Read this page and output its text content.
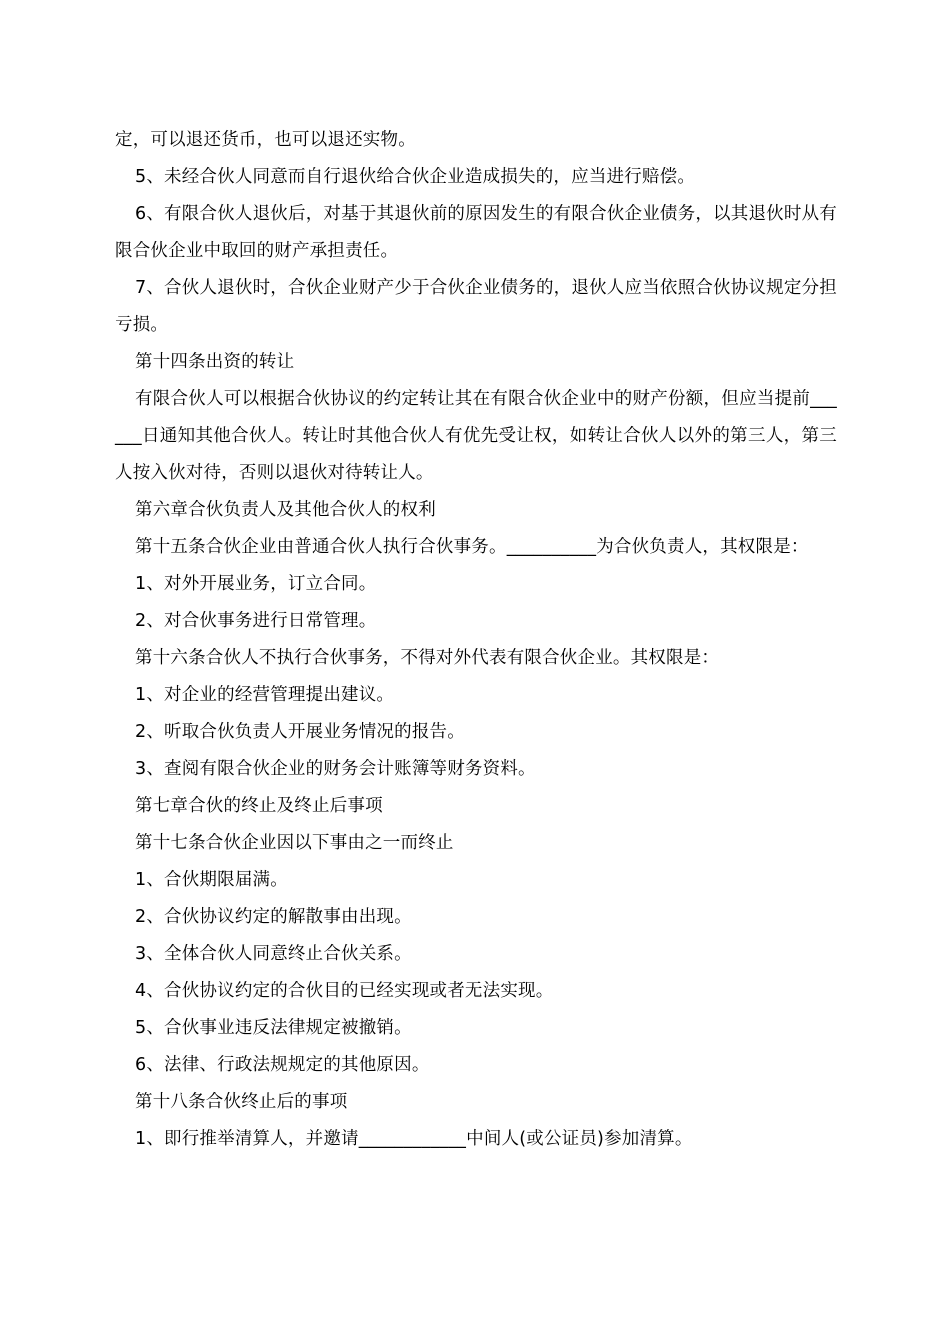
定，可以退还货币，也可以退还实物。

5、未经合伙人同意而自行退伙给合伙企业造成损失的，应当进行赔偿。

6、有限合伙人退伙后，对基于其退伙前的原因发生的有限合伙企业债务，以其退伙时从有限合伙企业中取回的财产承担责任。

7、合伙人退伙时，合伙企业财产少于合伙企业债务的，退伙人应当依照合伙协议规定分担亏损。

第十四条出资的转让

有限合伙人可以根据合伙协议的约定转让其在有限合伙企业中的财产份额，但应当提前______日通知其他合伙人。转让时其他合伙人有优先受让权，如转让合伙人以外的第三人，第三人按入伙对待，否则以退伙对待转让人。

第六章合伙负责人及其他合伙人的权利

第十五条合伙企业由普通合伙人执行合伙事务。__________为合伙负责人，其权限是：

1、对外开展业务，订立合同。

2、对合伙事务进行日常管理。

第十六条合伙人不执行合伙事务，不得对外代表有限合伙企业。其权限是：

1、对企业的经营管理提出建议。

2、听取合伙负责人开展业务情况的报告。

3、查阅有限合伙企业的财务会计账簿等财务资料。

第七章合伙的终止及终止后事项

第十七条合伙企业因以下事由之一而终止

1、合伙期限届满。

2、合伙协议约定的解散事由出现。

3、全体合伙人同意终止合伙关系。

4、合伙协议约定的合伙目的已经实现或者无法实现。

5、合伙事业违反法律规定被撤销。

6、法律、行政法规规定的其他原因。

第十八条合伙终止后的事项

1、即行推举清算人，并邀请____________中间人(或公证员)参加清算。
